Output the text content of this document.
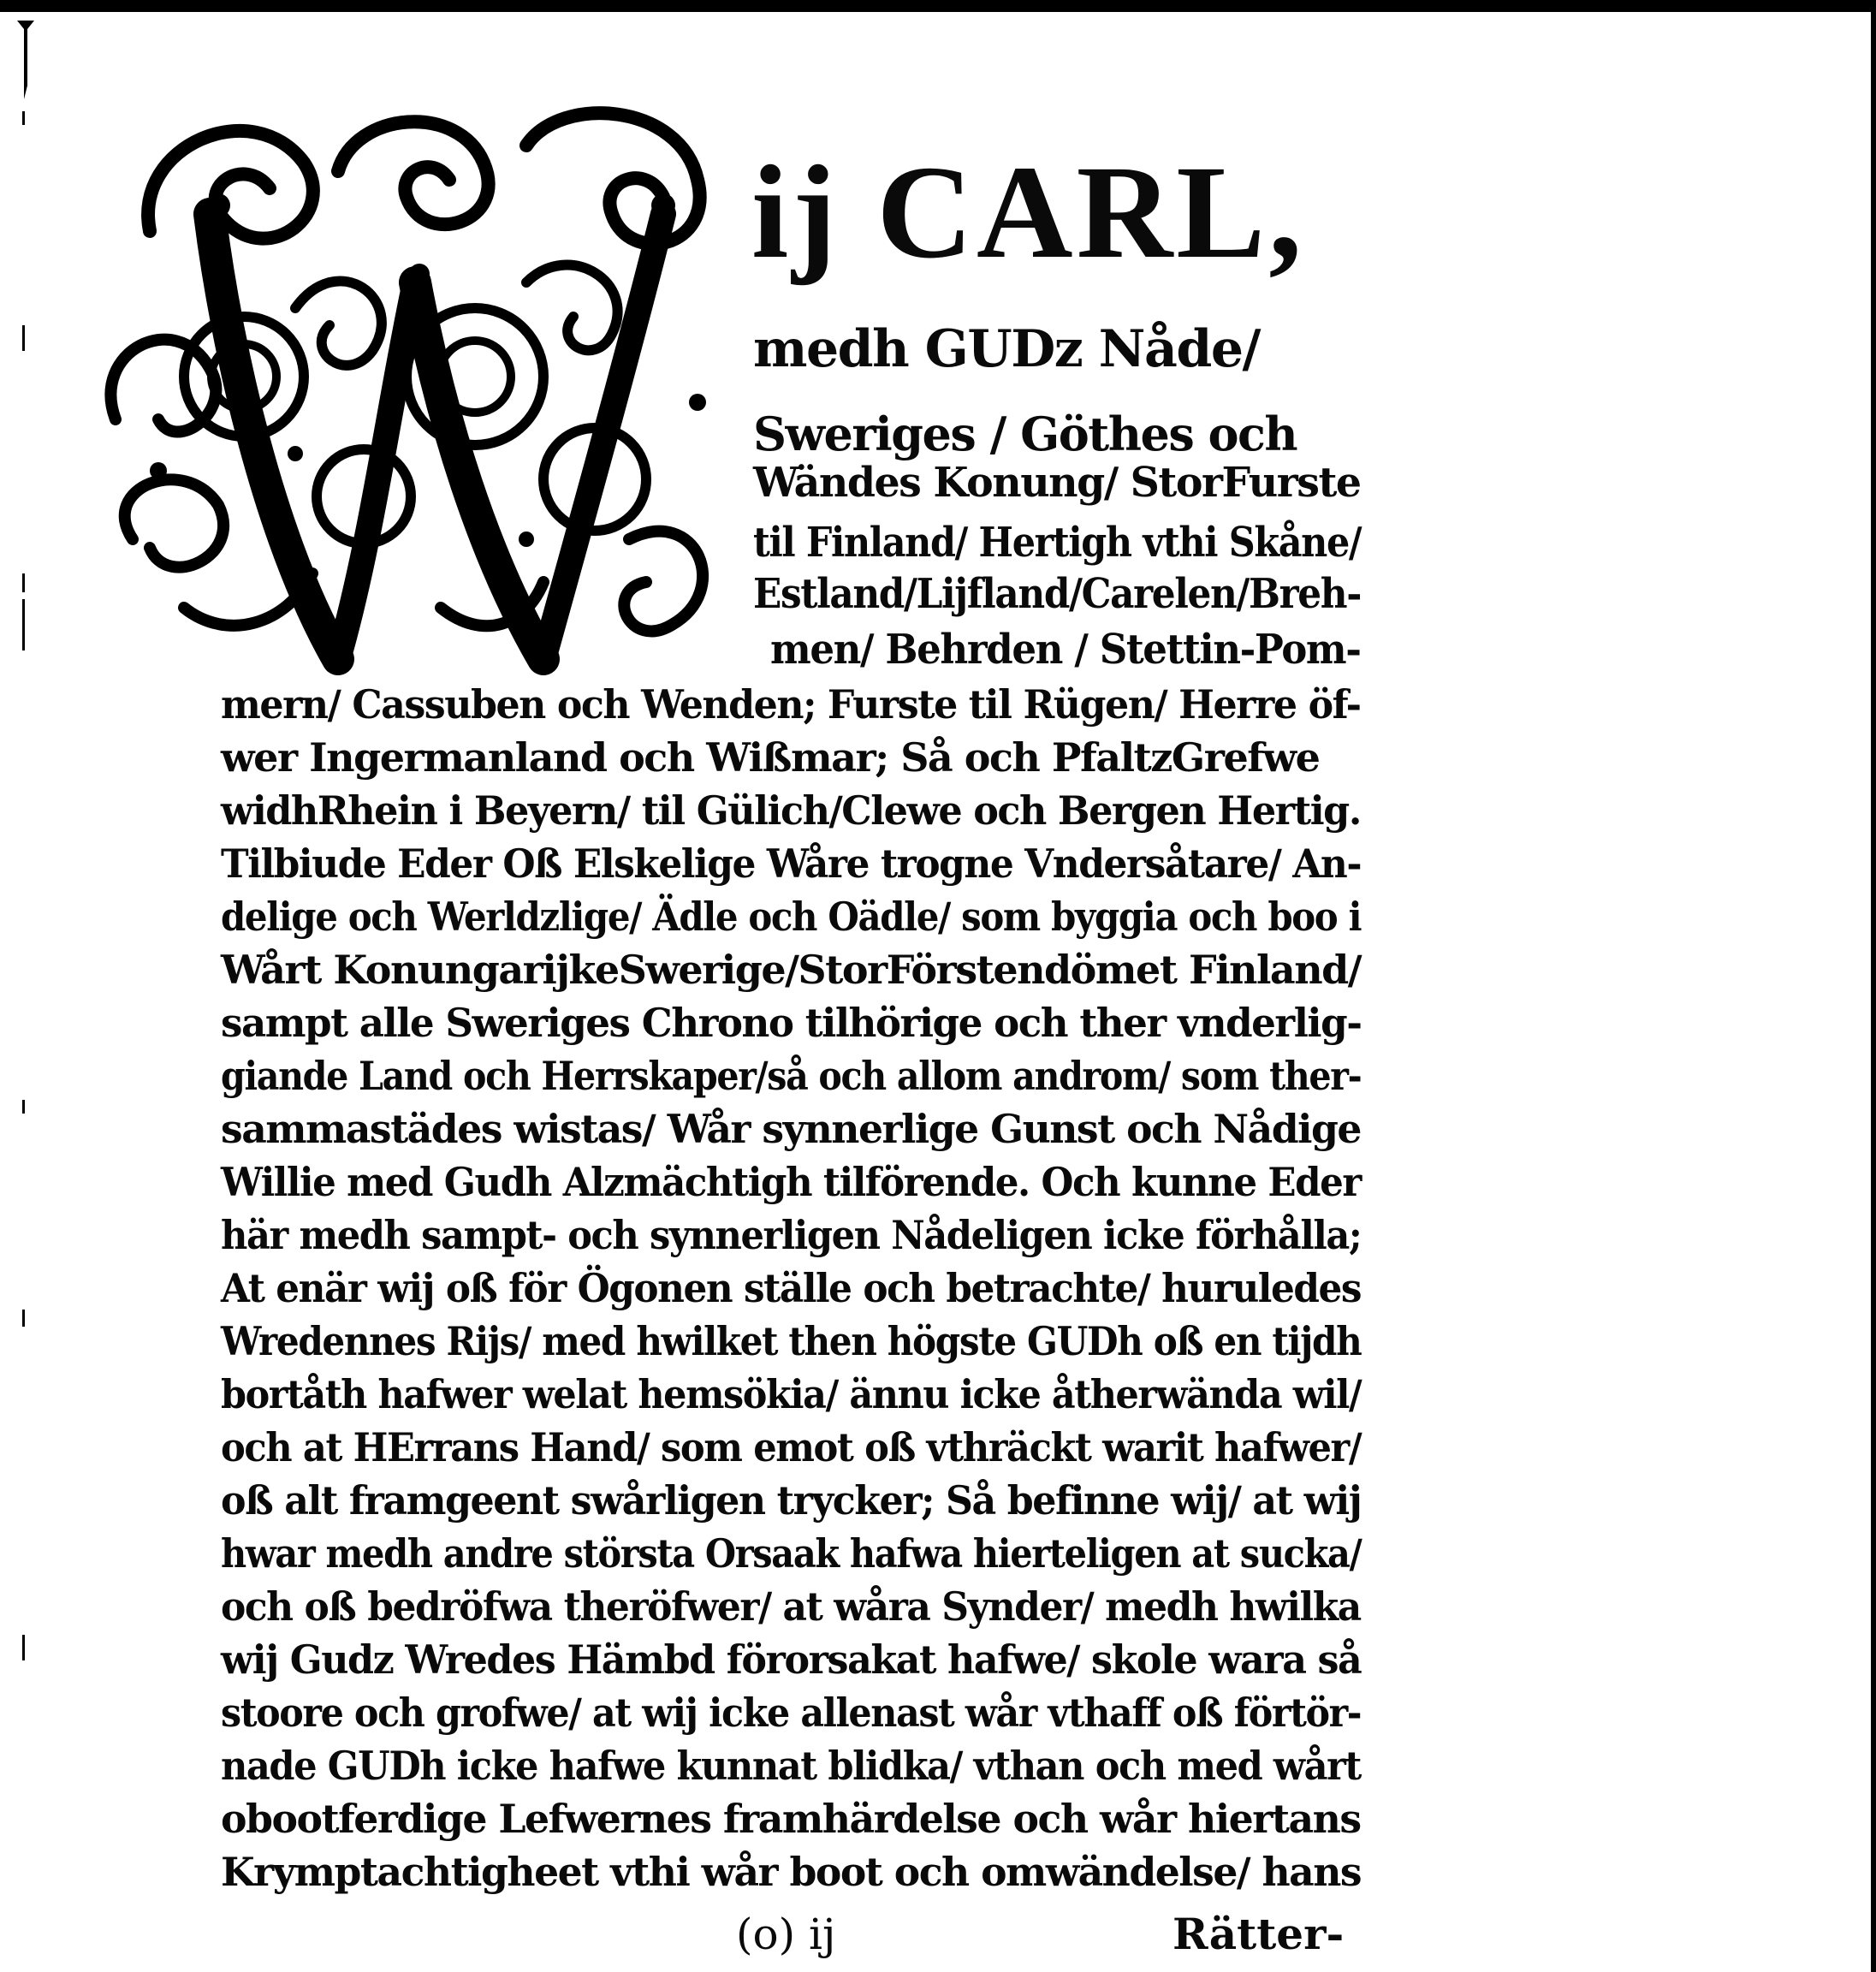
ij CARL,
medh GUDz Nåde/
Sweriges / Göthes och
Wändes Konung/ StorFurste
til Finland/ Hertigh vthi Skåne/
Estland/Lijfland/Carelen/Breh-
men/ Behrden / Stettin-Pom-
mern/ Cassuben och Wenden; Furste til Rügen/ Herre öf-
wer Ingermanland och Wißmar; Så och PfaltzGrefwe
widhRhein i Beyern/ til Gülich/Clewe och Bergen Hertig.
Tilbiude Eder Oß Elskelige Wåre trogne Vndersåtare/ An-
delige och Werldzlige/ Ädle och Oädle/ som byggia och boo i
Wårt KonungarijkeSwerige/StorFörstendömet Finland/
sampt alle Sweriges Chrono tilhörige och ther vnderlig-
giande Land och Herrskaper/så och allom androm/ som ther-
sammastädes wistas/ Wår synnerlige Gunst och Nådige
Willie med Gudh Alzmächtigh tilförende. Och kunne Eder
här medh sampt- och synnerligen Nådeligen icke förhålla;
At enär wij oß för Ögonen ställe och betrachte/ huruledes
Wredennes Rijs/ med hwilket then högste GUDh oß en tijdh
bortåth hafwer welat hemsökia/ ännu icke åtherwända wil/
och at HErrans Hand/ som emot oß vthräckt warit hafwer/
oß alt framgeent swårligen trycker; Så befinne wij/ at wij
hwar medh andre största Orsaak hafwa hierteligen at sucka/
och oß bedröfwa theröfwer/ at wåra Synder/ medh hwilka
wij Gudz Wredes Hämbd förorsakat hafwe/ skole wara så
stoore och grofwe/ at wij icke allenast wår vthaff oß förtör-
nade GUDh icke hafwe kunnat blidka/ vthan och med wårt
obootferdige Lefwernes framhärdelse och wår hiertans
Krymptachtigheet vthi wår boot och omwändelse/ hans
(o) ij	Rätter-
